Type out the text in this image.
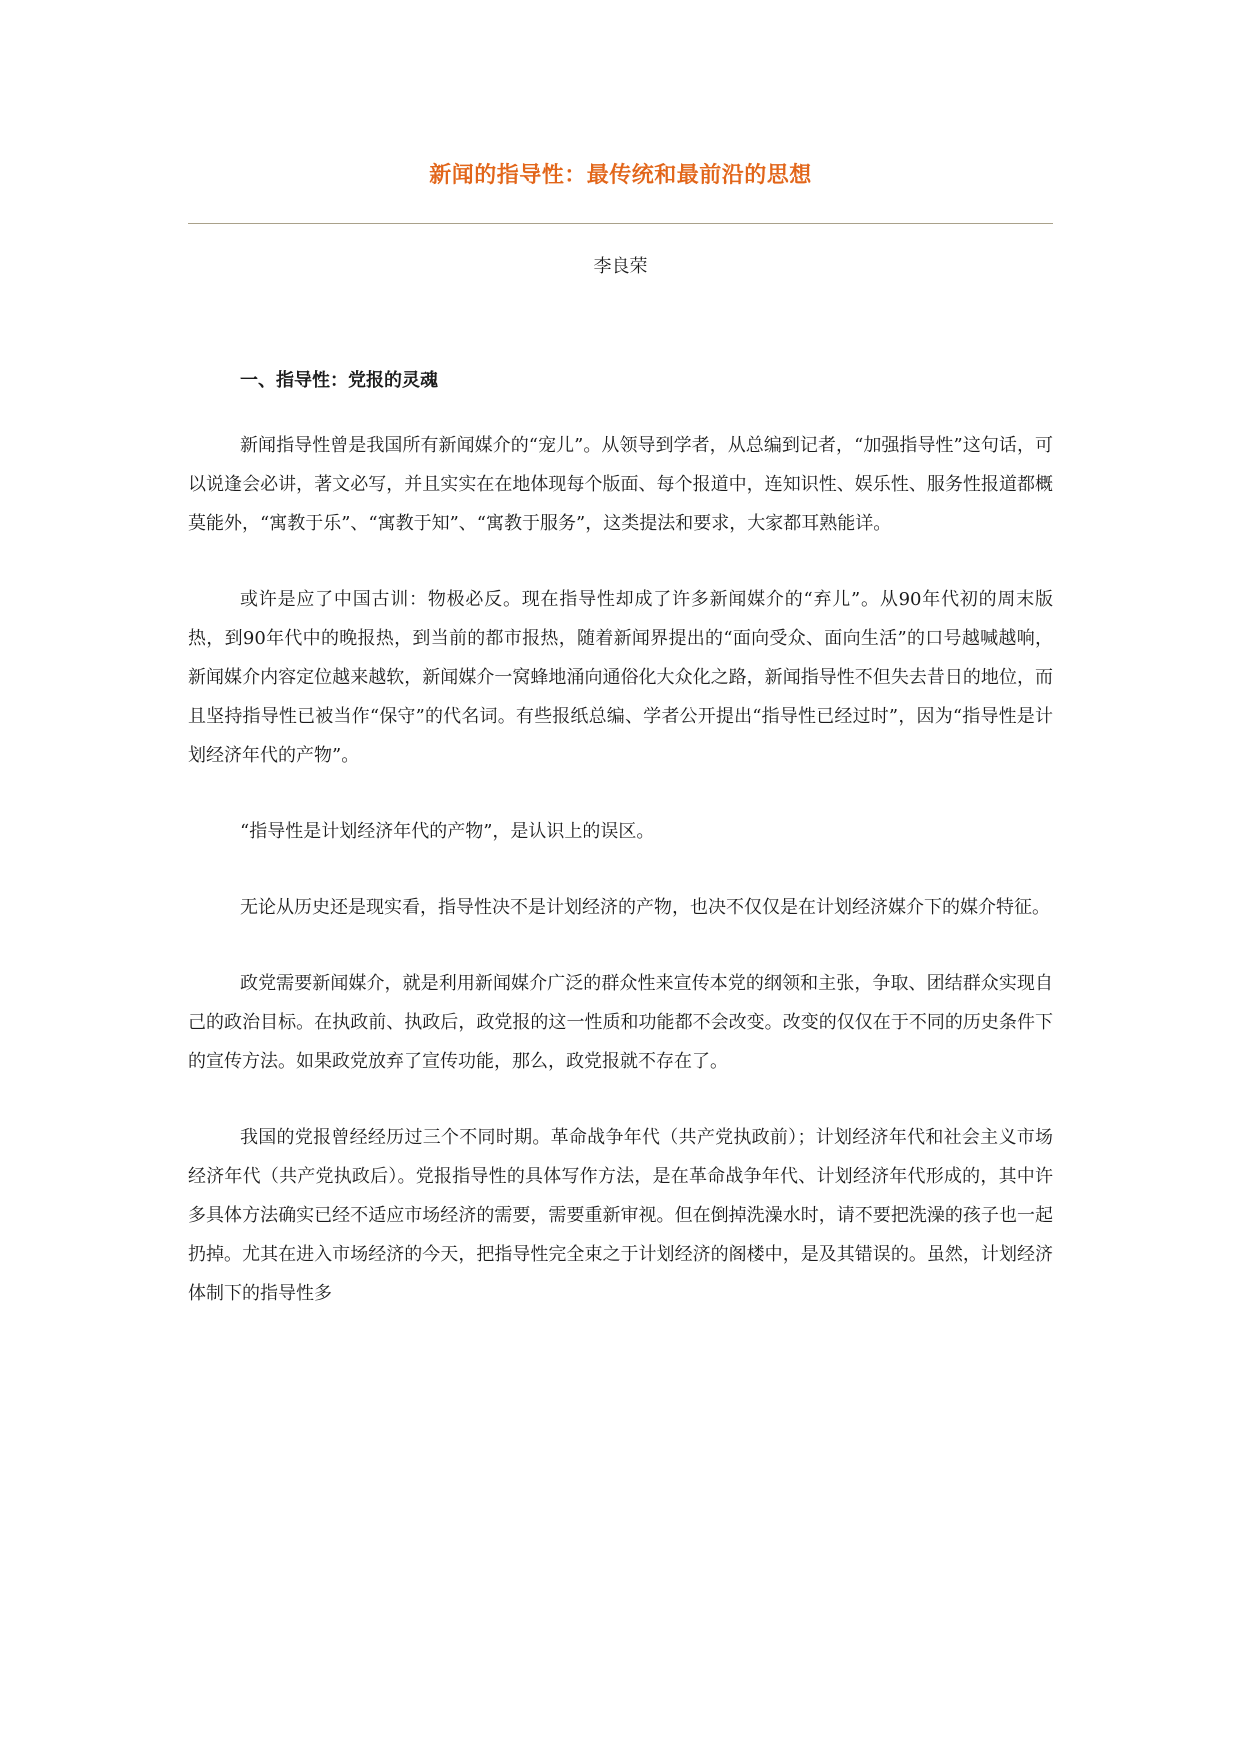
新闻的指导性：最传统和最前沿的思想
李良荣
一、指导性：党报的灵魂

新闻指导性曾是我国所有新闻媒介的“宠儿”。从领导到学者，从总编到记者，“加强指导性”这句话，可以说逢会必讲，著文必写，并且实实在在地体现每个版面、每个报道中，连知识性、娱乐性、服务性报道都概莫能外，“寓教于乐”、“寓教于知”、“寓教于服务”，这类提法和要求，大家都耳熟能详。

或许是应了中国古训：物极必反。现在指导性却成了许多新闻媒介的“弃儿”。从90年代初的周末版热，到90年代中的晚报热，到当前的都市报热，随着新闻界提出的“面向受众、面向生活”的口号越喊越响，新闻媒介内容定位越来越软，新闻媒介一窝蜂地涌向通俗化大众化之路，新闻指导性不但失去昔日的地位，而且坚持指导性已被当作“保守”的代名词。有些报纸总编、学者公开提出“指导性已经过时”，因为“指导性是计划经济年代的产物”。

“指导性是计划经济年代的产物”，是认识上的误区。

无论从历史还是现实看，指导性决不是计划经济的产物，也决不仅仅是在计划经济媒介下的媒介特征。

政党需要新闻媒介，就是利用新闻媒介广泛的群众性来宣传本党的纲领和主张，争取、团结群众实现自己的政治目标。在执政前、执政后，政党报的这一性质和功能都不会改变。改变的仅仅在于不同的历史条件下的宣传方法。如果政党放弃了宣传功能，那么，政党报就不存在了。

我国的党报曾经经历过三个不同时期。革命战争年代（共产党执政前）；计划经济年代和社会主义市场经济年代（共产党执政后）。党报指导性的具体写作方法，是在革命战争年代、计划经济年代形成的，其中许多具体方法确实已经不适应市场经济的需要，需要重新审视。但在倒掉洗澡水时，请不要把洗澡的孩子也一起扔掉。尤其在进入市场经济的今天，把指导性完全束之于计划经济的阁楼中，是及其错误的。虽然，计划经济体制下的指导性多
